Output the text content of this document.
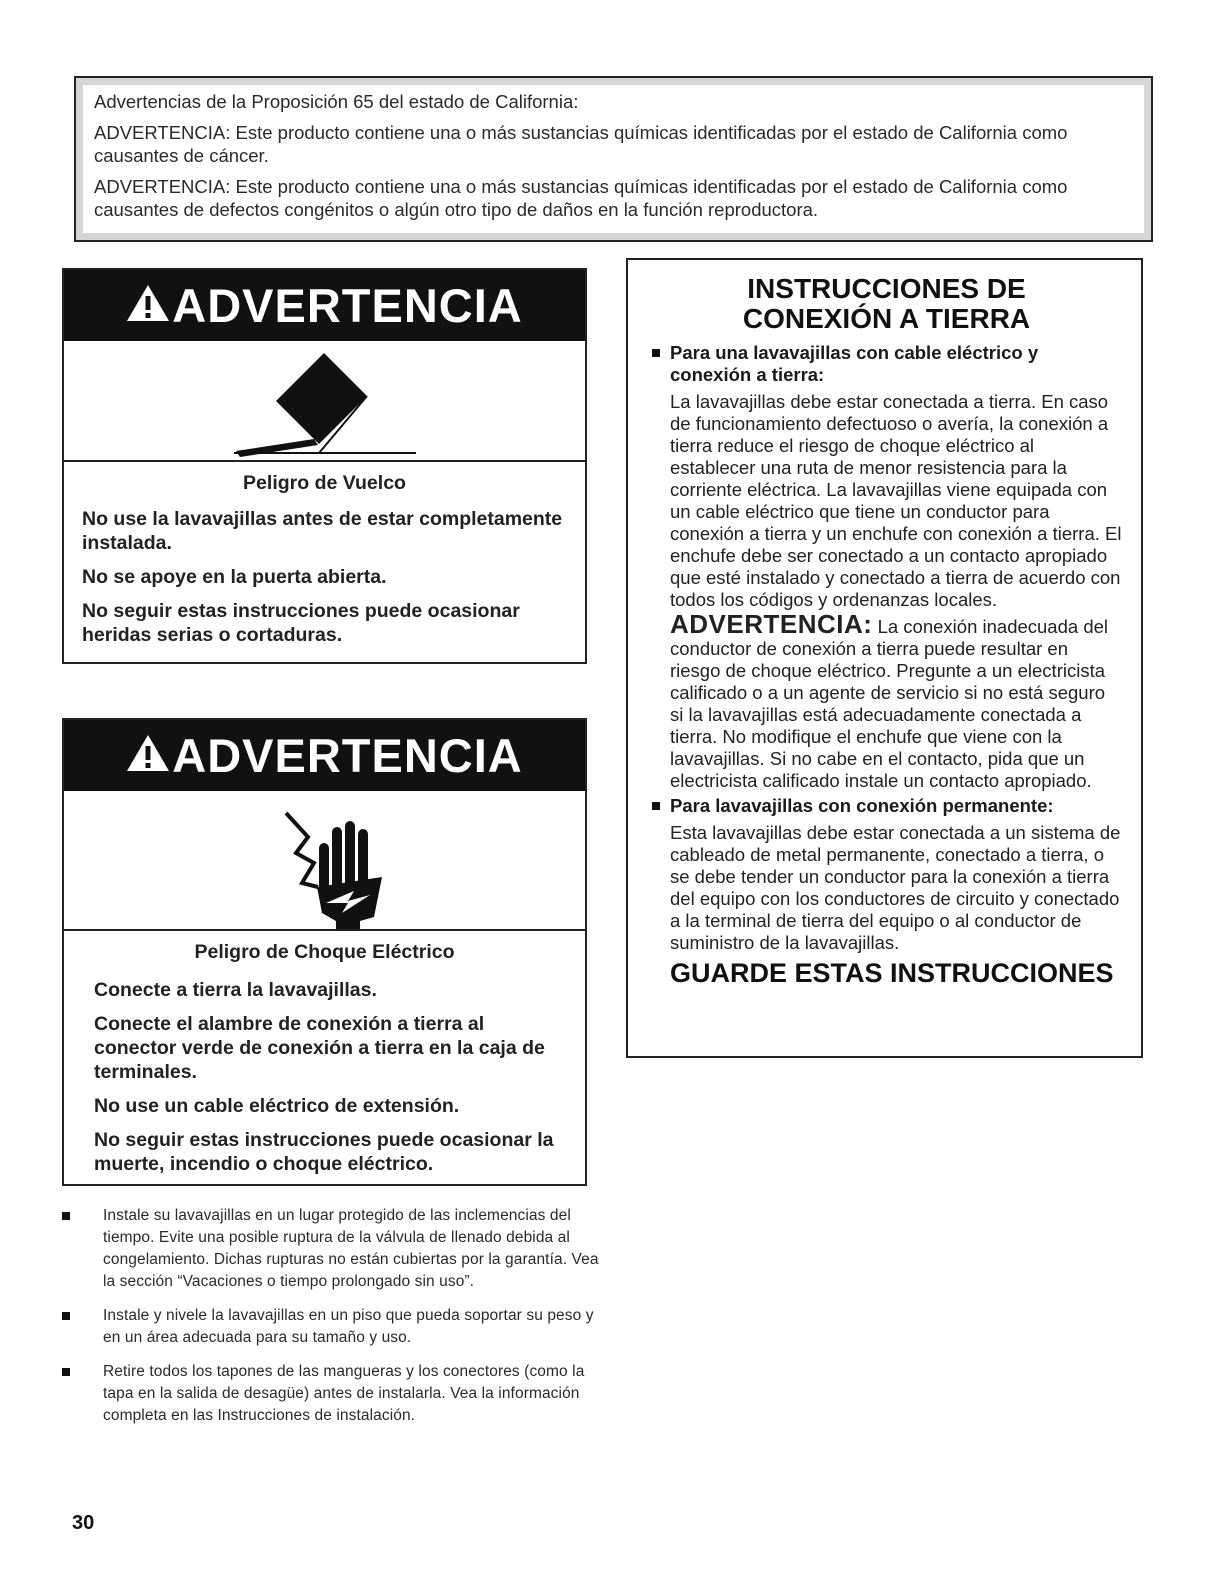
Advertencias de la Proposición 65 del estado de California:

ADVERTENCIA: Este producto contiene una o más sustancias químicas identificadas por el estado de California como causantes de cáncer.

ADVERTENCIA: Este producto contiene una o más sustancias químicas identificadas por el estado de California como causantes de defectos congénitos o algún otro tipo de daños en la función reproductora.

ADVERTENCIA

Peligro de Vuelco

No use la lavavajillas antes de estar completamente instalada.

No se apoye en la puerta abierta.

No seguir estas instrucciones puede ocasionar heridas serias o cortaduras.

ADVERTENCIA

Peligro de Choque Eléctrico

Conecte a tierra la lavavajillas.

Conecte el alambre de conexión a tierra al conector verde de conexión a tierra en la caja de terminales.

No use un cable eléctrico de extensión.

No seguir estas instrucciones puede ocasionar la muerte, incendio o choque eléctrico.

INSTRUCCIONES DE
CONEXIÓN A TIERRA
Para una lavavajillas con cable eléctrico y conexión a tierra:

La lavavajillas debe estar conectada a tierra. En caso de funcionamiento defectuoso o avería, la conexión a tierra reduce el riesgo de choque eléctrico al establecer una ruta de menor resistencia para la corriente eléctrica. La lavavajillas viene equipada con un cable eléctrico que tiene un conductor para conexión a tierra y un enchufe con conexión a tierra. El enchufe debe ser conectado a un contacto apropiado que esté instalado y conectado a tierra de acuerdo con todos los códigos y ordenanzas locales.

ADVERTENCIA: La conexión inadecuada del conductor de conexión a tierra puede resultar en riesgo de choque eléctrico. Pregunte a un electricista calificado o a un agente de servicio si no está seguro si la lavavajillas está adecuadamente conectada a tierra. No modifique el enchufe que viene con la lavavajillas. Si no cabe en el contacto, pida que un electricista calificado instale un contacto apropiado.

Para lavavajillas con conexión permanente:

Esta lavavajillas debe estar conectada a un sistema de cableado de metal permanente, conectado a tierra, o se debe tender un conductor para la conexión a tierra del equipo con los conductores de circuito y conectado a la terminal de tierra del equipo o al conductor de suministro de la lavavajillas.

GUARDE ESTAS INSTRUCCIONES
Instale su lavavajillas en un lugar protegido de las inclemencias del tiempo. Evite una posible ruptura de la válvula de llenado debida al congelamiento. Dichas rupturas no están cubiertas por la garantía. Vea la sección “Vacaciones o tiempo prolongado sin uso”.
Instale y nivele la lavavajillas en un piso que pueda soportar su peso y en un área adecuada para su tamaño y uso.
Retire todos los tapones de las mangueras y los conectores (como la tapa en la salida de desagüe) antes de instalarla. Vea la información completa en las Instrucciones de instalación.
30
